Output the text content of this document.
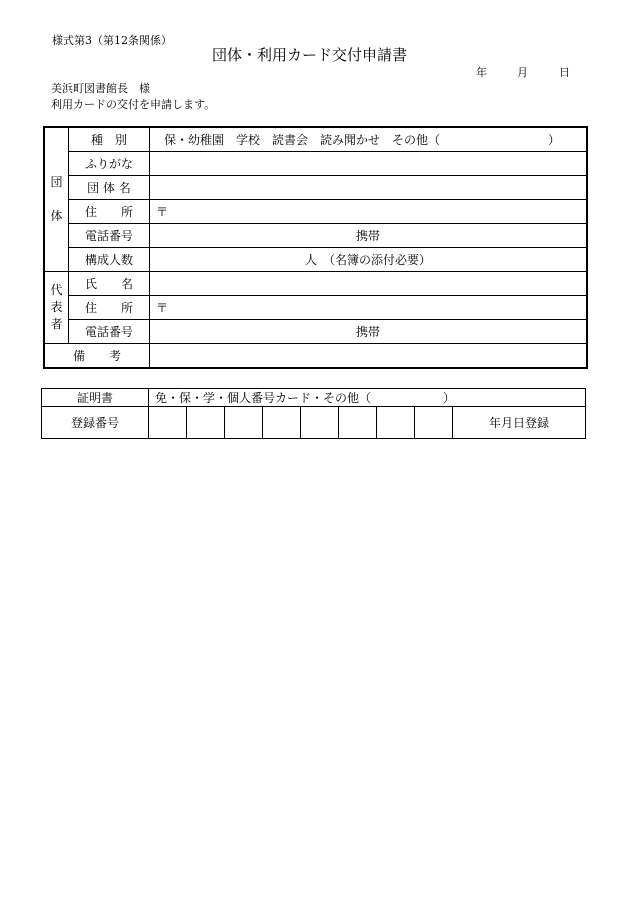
様式第3（第12条関係）
団体・利用カード交付申請書
年	月	日
美浜町図書館長　様
利用カードの交付を申請します。
団

体	種　別	保・幼稚園　学校　読書会　読み聞かせ　その他（　　　　　　　　　）
	ふりがな	
	団 体 名	
	住　　所	〒
	電話番号	携帯
	構成人数	人　（名簿の添付必要）
代
表
者	氏　　名	
	住　　所	〒
	電話番号	携帯
備　　考		
証明書	免・保・学・個人番号カード・その他（　　　　　　）								
登録番号									年月日登録
